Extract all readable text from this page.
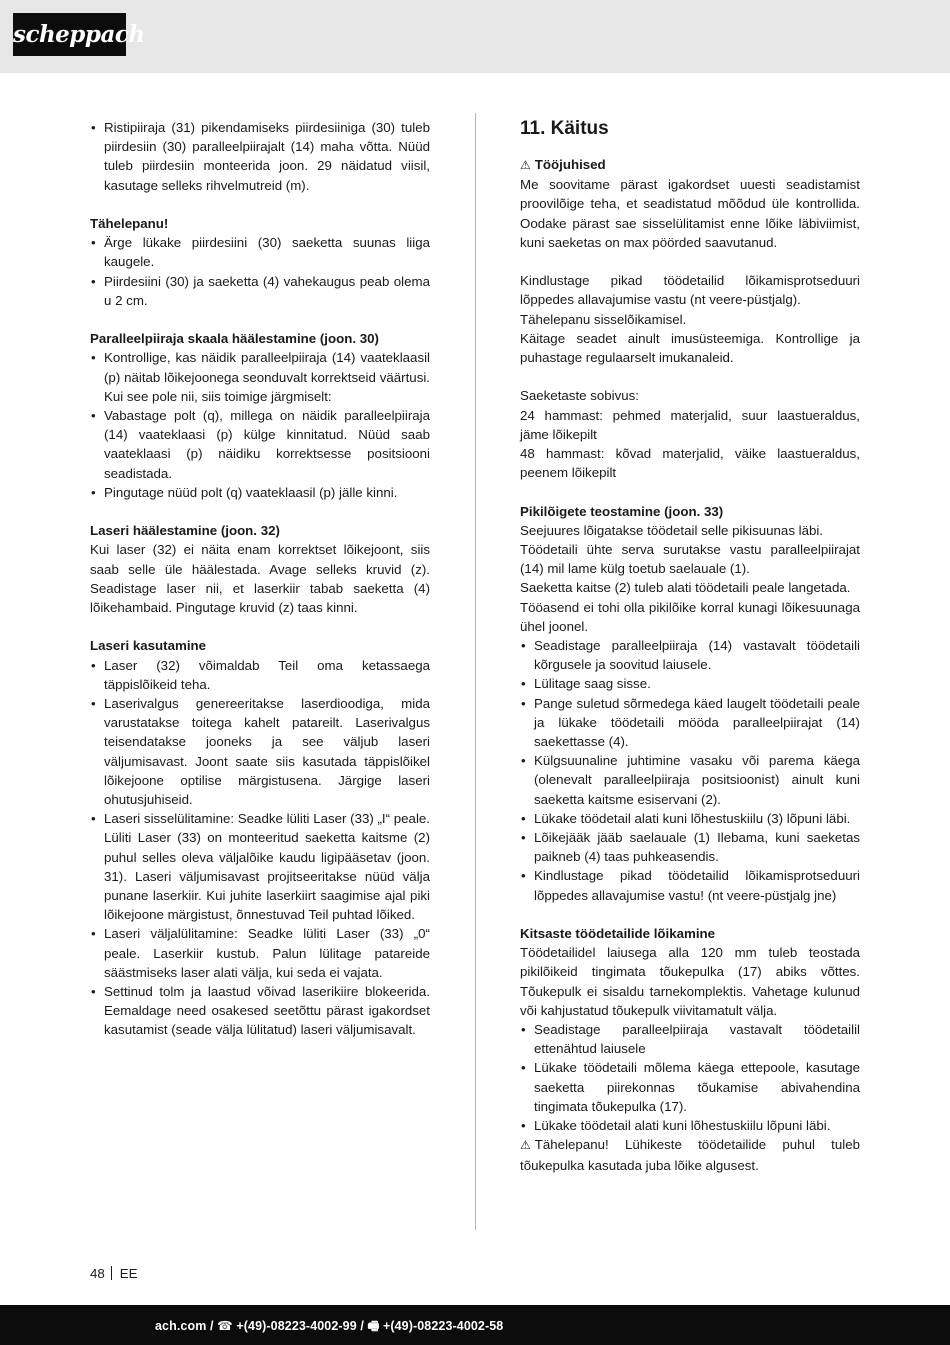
scheppach
• Ristipiiraja (31) pikendamiseks piirdesiiniga (30) tuleb piirdesiin (30) paralleelpiirajalt (14) maha võtta. Nüüd tuleb piirdesiin monteerida joon. 29 näidatud viisil, kasutage selleks rihvelmutreid (m).

Tähelepanu!

• Ärge lükake piirdesiini (30) saeketta suunas liiga kaugele.
• Piirdesiini (30) ja saeketta (4) vahekaugus peab olema u 2 cm.

Paralleelpiiraja skaala häälestamine (joon. 30)

• Kontrollige, kas näidik paralleelpiiraja (14) vaateklaasil (p) näitab lõikejoonega seonduvalt korrektseid väärtusi. Kui see pole nii, siis toimige järgmiselt:
• Vabastage polt (q), millega on näidik paralleelpiiraja (14) vaateklaasi (p) külge kinnitatud. Nüüd saab vaateklaasi (p) näidiku korrektsesse positsiooni seadistada.
• Pingutage nüüd polt (q) vaateklaasil (p) jälle kinni.

Laseri häälestamine (joon. 32)

Kui laser (32) ei näita enam korrektset lõikejoont, siis saab selle üle häälestada. Avage selleks kruvid (z). Seadistage laser nii, et laserkiir tabab saeketta (4) lõikehambaid. Pingutage kruvid (z) taas kinni.

Laseri kasutamine

• Laser (32) võimaldab Teil oma ketassaega täppislõikeid teha.
• Laserivalgus genereeritakse laserdioodiga, mida varustatakse toitega kahelt patareilt. Laserivalgus teisendatakse jooneks ja see väljub laseri väljumisavast. Joont saate siis kasutada täppislõikel lõikejoone optilise märgistusena. Järgige laseri ohutusjuhiseid.
• Laseri sisselülitamine: Seadke lüliti Laser (33) „I“ peale. Lüliti Laser (33) on monteeritud saeketta kaitsme (2) puhul selles oleva väljalõike kaudu ligipääsetav (joon. 31). Laseri väljumisavast projitseeritakse nüüd välja punane laserkiir. Kui juhite laserkiirt saagimise ajal piki lõikejoone märgistust, õnnestuvad Teil puhtad lõiked.
• Laseri väljalülitamine: Seadke lüliti Laser (33) „0“ peale. Laserkiir kustub. Palun lülitage patareide säästmiseks laser alati välja, kui seda ei vajata.
• Settinud tolm ja laastud võivad laserikiire blokeerida. Eemaldage need osakesed seetõttu pärast igakordset kasutamist (seade välja lülitatud) laseri väljumisavalt.
11. Käitus

⚠ Tööjuhised

Me soovitame pärast igakordset uuesti seadistamist proovilõige teha, et seadistatud mõõdud üle kontrollida. Oodake pärast sae sisselülitamist enne lõike läbiviimist, kuni saeketas on max pöörded saavutanud.

Kindlustage pikad töödetailid lõikamisprotseduuri lõppedes allavajumise vastu (nt veere-püstjalg).

Tähelepanu sisselõikamisel.

Käitage seadet ainult imusüsteemiga. Kontrollige ja puhastage regulaarselt imukanaleid.

Saeketaste sobivus:

24 hammast: pehmed materjalid, suur laastueraldus, jäme lõikepilt

48 hammast: kõvad materjalid, väike laastueraldus, peenem lõikepilt

Pikilõigete teostamine (joon. 33)

Seejuures lõigatakse töödetail selle pikisuunas läbi.

Töödetaili ühte serva surutakse vastu paralleelpiirajat (14) mil lame külg toetub saelauale (1).

Saeketta kaitse (2) tuleb alati töödetaili peale langetada.

Tööasend ei tohi olla pikilõike korral kunagi lõikesuunaga ühel joonel.

• Seadistage paralleelpiiraja (14) vastavalt töödetaili kõrgusele ja soovitud laiusele.
• Lülitage saag sisse.
• Pange suletud sõrmedega käed laugelt töödetaili peale ja lükake töödetaili mööda paralleelpiirajat (14) saekettasse (4).
• Külgsuunaline juhtimine vasaku või parema käega (olenevalt paralleelpiiraja positsioonist) ainult kuni saeketta kaitsme esiservani (2).
• Lükake töödetail alati kuni lõhestuskiilu (3) lõpuni läbi.
• Lõikejääk jääb saelauale (1) Ilebama, kuni saeketas paikneb (4) taas puhkeasendis.
• Kindlustage pikad töödetailid lõikamisprotseduuri lõppedes allavajumise vastu! (nt veere-püstjalg jne)

Kitsaste töödetailide lõikamine

Töödetailidel laiusega alla 120 mm tuleb teostada pikilõikeid tingimata tõukepulka (17) abiks võttes. Tõukepulk ei sisaldu tarnekomplektis. Vahetage kulunud või kahjustatud tõukepulk viivitamatult välja.

• Seadistage paralleelpiiraja vastavalt töödetailil ettenähtud laiusele
• Lükake töödetaili mõlema käega ettepoole, kasutage saeketta piirekonnas tõukamise abivahendina tingimata tõukepulka (17).
• Lükake töödetail alati kuni lõhestuskiilu lõpuni läbi.

⚠ Tähelepanu! Lühikeste töödetailide puhul tuleb tõukepulka kasutada juba lõike algusest.

48 EE
ach.com / ☎ +(49)-08223-4002-99 / 🖷 +(49)-08223-4002-58
